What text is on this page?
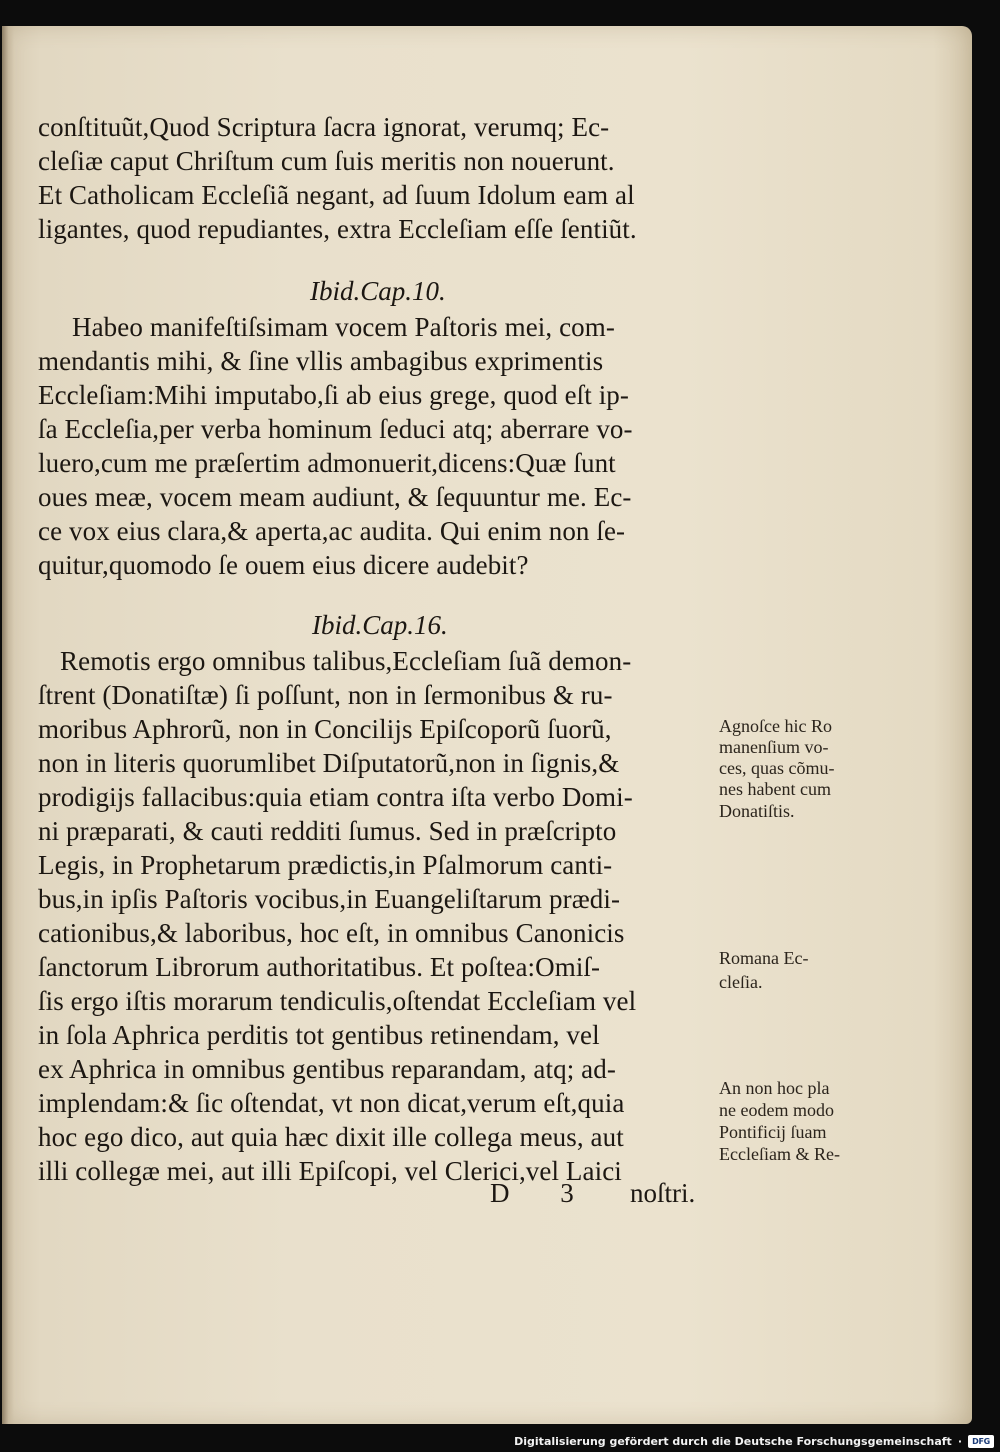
conſtituũt,Quod Scriptura ſacra ignorat, verumq; Ec-
cleſiæ caput Chriſtum cum ſuis meritis non nouerunt.
Et Catholicam Eccleſiã negant, ad ſuum Idolum eam al
ligantes, quod repudiantes, extra Eccleſiam eſſe ſentiũt.
Ibid.Cap.10.
Habeo manifeſtiſsimam vocem Paſtoris mei, com-
mendantis mihi, & ſine vllis ambagibus exprimentis
Eccleſiam:Mihi imputabo,ſi ab eius grege, quod eſt ip-
ſa Eccleſia,per verba hominum ſeduci atq; aberrare vo-
luero,cum me præſertim admonuerit,dicens:Quæ ſunt
oues meæ, vocem meam audiunt, & ſequuntur me. Ec-
ce vox eius clara,& aperta,ac audita. Qui enim non ſe-
quitur,quomodo ſe ouem eius dicere audebit?
Ibid.Cap.16.
Remotis ergo omnibus talibus,Eccleſiam ſuã demon-
ſtrent (Donatiſtæ) ſi poſſunt, non in ſermonibus & ru-
moribus Aphrorũ, non in Concilijs Epiſcoporũ ſuorũ,
non in literis quorumlibet Diſputatorũ,non in ſignis,&
prodigijs fallacibus:quia etiam contra iſta verbo Domi-
ni præparati, & cauti redditi ſumus. Sed in præſcripto
Legis, in Prophetarum prædictis,in Pſalmorum canti-
bus,in ipſis Paſtoris vocibus,in Euangeliſtarum prædi-
cationibus,& laboribus, hoc eſt, in omnibus Canonicis
ſanctorum Librorum authoritatibus. Et poſtea:Omiſ-
ſis ergo iſtis morarum tendiculis,oſtendat Eccleſiam vel
in ſola Aphrica perditis tot gentibus retinendam, vel
ex Aphrica in omnibus gentibus reparandam, atq; ad-
implendam:& ſic oſtendat, vt non dicat,verum eſt,quia
hoc ego dico, aut quia hæc dixit ille collega meus, aut
illi collegæ mei, aut illi Epiſcopi, vel Clerici,vel Laici
Agnoſce hic Ro
manenſium vo-
ces, quas cõmu-
nes habent cum
Donatiſtis.
Romana Ec-
cleſia.
An non hoc pla
ne eodem modo
Pontificij ſuam
Eccleſiam & Re-
D 3 noſtri.
Digitalisierung gefördert durch die Deutsche Forschungsgemeinschaft · DFG
